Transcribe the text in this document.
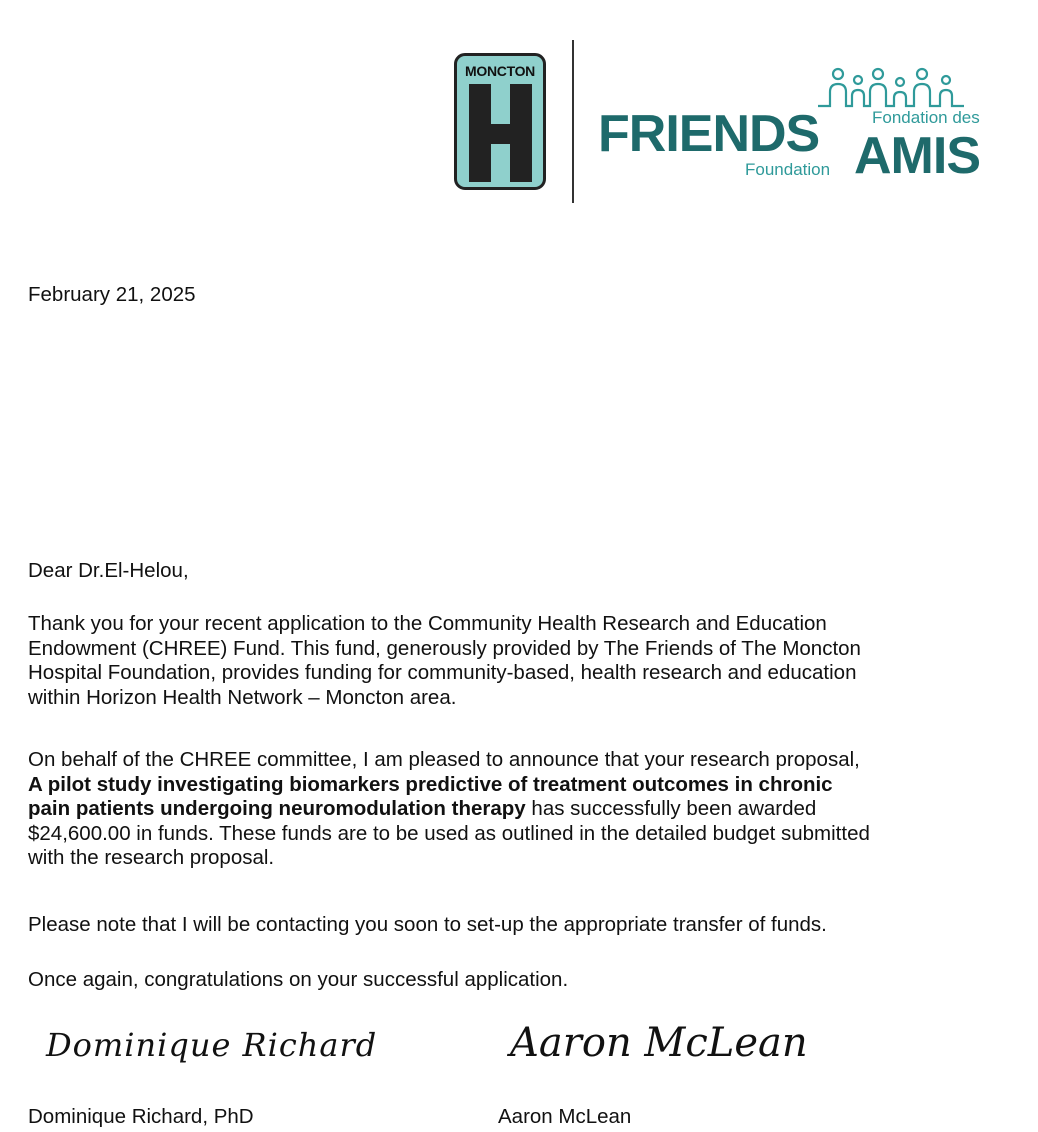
MONCTON
Fondation des
FRIENDS
Foundation AMIS

February 21, 2025

Dear Dr.El-Helou,

Thank you for your recent application to the Community Health Research and Education
Endowment (CHREE) Fund. This fund, generously provided by The Friends of The Moncton
Hospital Foundation, provides funding for community-based, health research and education
within Horizon Health Network – Moncton area.
On behalf of the CHREE committee, I am pleased to announce that your research proposal,
A pilot study investigating biomarkers predictive of treatment outcomes in chronic
pain patients undergoing neuromodulation therapy has successfully been awarded
$24,600.00 in funds. These funds are to be used as outlined in the detailed budget submitted
with the research proposal.

Please note that I will be contacting you soon to set-up the appropriate transfer of funds.

Once again, congratulations on your successful application.

Dominique Richard	Aaron McLean

Dominique Richard, PhD	Aaron McLean
